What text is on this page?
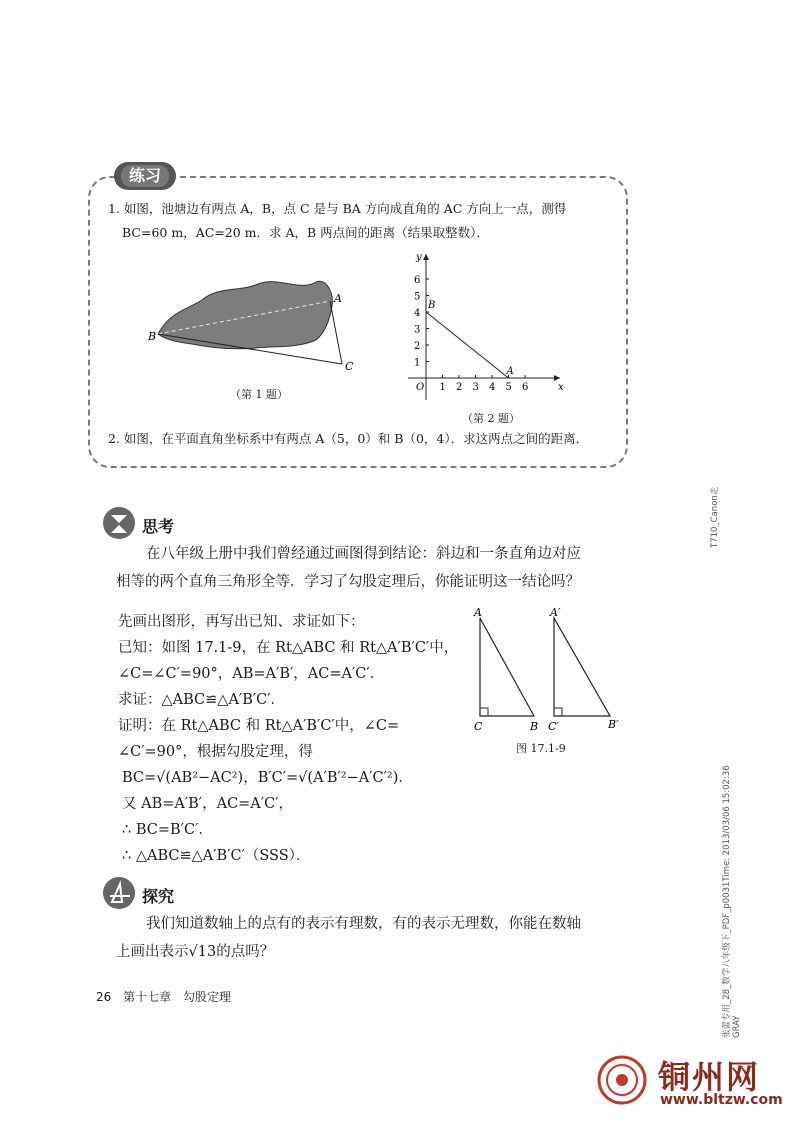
练习
1. 如图，池塘边有两点 A，B，点 C 是与 BA 方向成直角的 AC 方向上一点，测得
BC=60 m，AC=20 m．求 A，B 两点间的距离（结果取整数）．
A
B
C
（第 1 题）
x
y
O 1 2 3 4 5 6
1
2
3
4
5
6
B
A
（第 2 题）
2. 如图，在平面直角坐标系中有两点 A（5，0）和 B（0，4）．求这两点之间的距离．
思考
在八年级上册中我们曾经通过画图得到结论：斜边和一条直角边对应
相等的两个直角三角形全等．学习了勾股定理后，你能证明这一结论吗？
先画出图形，再写出已知、求证如下：
已知：如图 17.1-9，在 Rt△ABC 和 Rt△A′B′C′中，
∠C=∠C′=90°，AB=A′B′，AC=A′C′．
求证：△ABC≌△A′B′C′．
证明：在 Rt△ABC 和 Rt△A′B′C′中，∠C=
∠C′=90°，根据勾股定理，得
BC=√(AB²−AC²)，B′C′=√(A′B′²−A′C′²)．
又 AB=A′B′，AC=A′C′，
∴ BC=B′C′．
∴ △ABC≌△A′B′C′（SSS）．
A
B
C
A′
B′
C′
图 17.1-9
探究
我们知道数轴上的点有的表示有理数，有的表示无理数，你能在数轴
上画出表示√13的点吗？
26 第十七章 勾股定理
T710_Canon走
张蕾专用_28_数学八年级下_PDF_p0031Time: 2013/03/06 15:02:36 GRAY
铜州网
www.bltzw.com
